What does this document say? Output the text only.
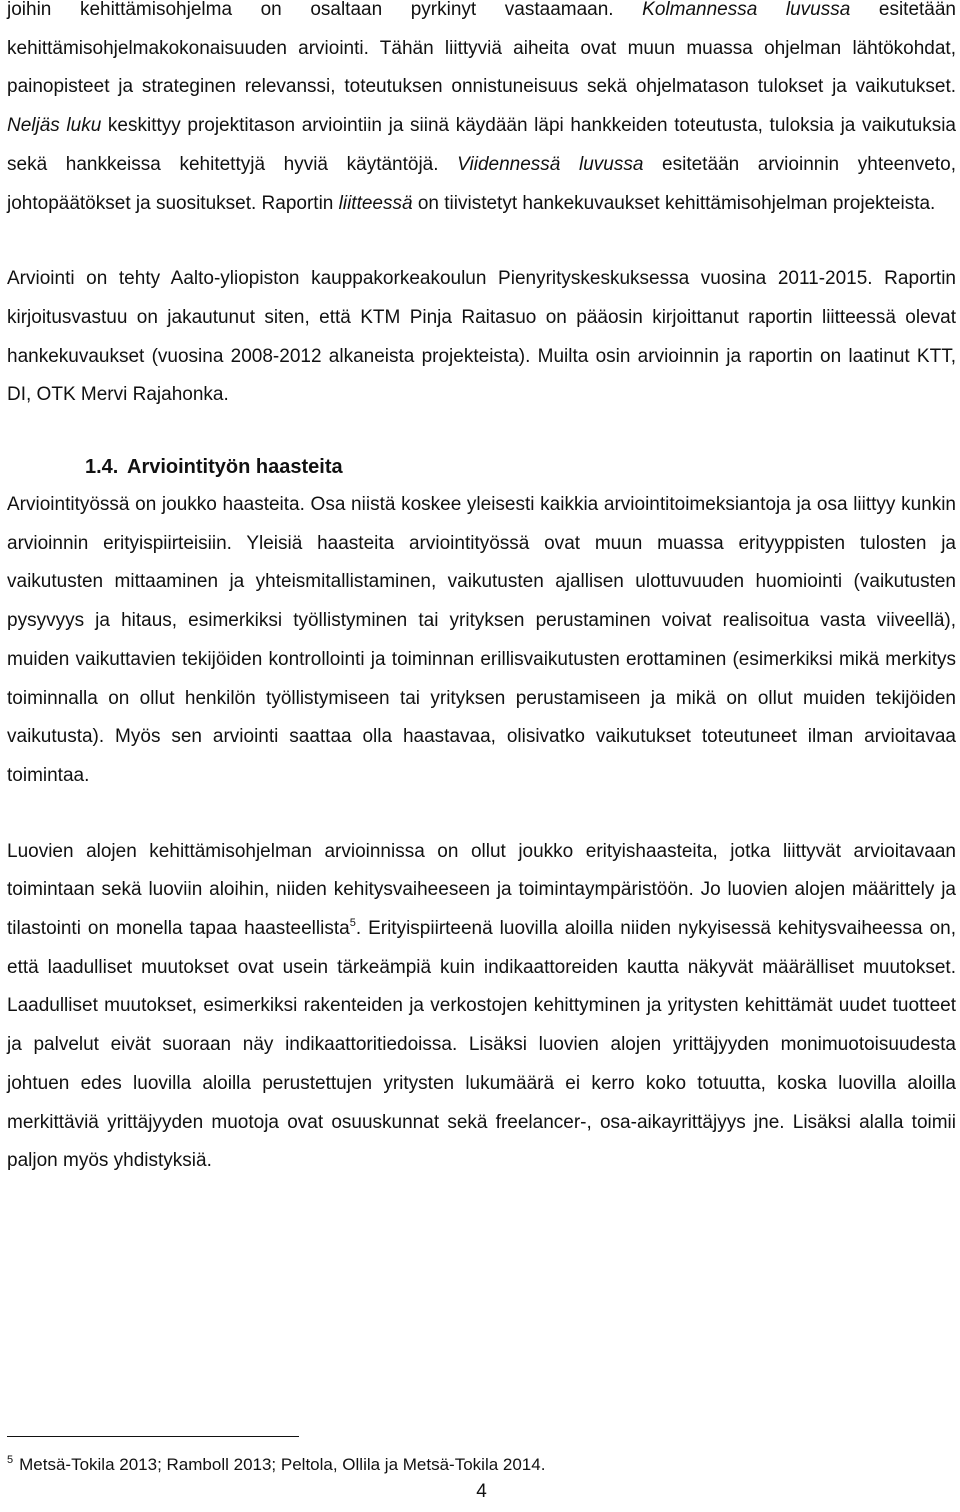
joihin kehittämisohjelma on osaltaan pyrkinyt vastaamaan. Kolmannessa luvussa esitetään kehittämisohjelmakokonaisuuden arviointi. Tähän liittyviä aiheita ovat muun muassa ohjelman lähtökohdat, painopisteet ja strateginen relevanssi, toteutuksen onnistuneisuus sekä ohjelmatason tulokset ja vaikutukset. Neljäs luku keskittyy projektitason arviointiin ja siinä käydään läpi hankkeiden toteutusta, tuloksia ja vaikutuksia sekä hankkeissa kehitettyjä hyviä käytäntöjä. Viidennessä luvussa esitetään arvioinnin yhteenveto, johtopäätökset ja suositukset. Raportin liitteessä on tiivistetyt hankekuvaukset kehittämisohjelman projekteista.

Arviointi on tehty Aalto-yliopiston kauppakorkeakoulun Pienyrityskeskuksessa vuosina 2011-2015. Raportin kirjoitusvastuu on jakautunut siten, että KTM Pinja Raitasuo on pääosin kirjoittanut raportin liitteessä olevat hankekuvaukset (vuosina 2008-2012 alkaneista projekteista). Muilta osin arvioinnin ja raportin on laatinut KTT, DI, OTK Mervi Rajahonka.

1.4. Arviointityön haasteita

Arviointityössä on joukko haasteita. Osa niistä koskee yleisesti kaikkia arviointitoimeksiantoja ja osa liittyy kunkin arvioinnin erityispiirteisiin. Yleisiä haasteita arviointityössä ovat muun muassa erityyppisten tulosten ja vaikutusten mittaaminen ja yhteismitallistaminen, vaikutusten ajallisen ulottuvuuden huomiointi (vaikutusten pysyvyys ja hitaus, esimerkiksi työllistyminen tai yrityksen perustaminen voivat realisoitua vasta viiveellä), muiden vaikuttavien tekijöiden kontrollointi ja toiminnan erillisvaikutusten erottaminen (esimerkiksi mikä merkitys toiminnalla on ollut henkilön työllistymiseen tai yrityksen perustamiseen ja mikä on ollut muiden tekijöiden vaikutusta). Myös sen arviointi saattaa olla haastavaa, olisivatko vaikutukset toteutuneet ilman arvioitavaa toimintaa.

Luovien alojen kehittämisohjelman arvioinnissa on ollut joukko erityishaasteita, jotka liittyvät arvioitavaan toimintaan sekä luoviin aloihin, niiden kehitysvaiheeseen ja toimintaympäristöön. Jo luovien alojen määrittely ja tilastointi on monella tapaa haasteellista$^5$. Erityispiirteenä luovilla aloilla niiden nykyisessä kehitysvaiheessa on, että laadulliset muutokset ovat usein tärkeämpiä kuin indikaattoreiden kautta näkyvät määrälliset muutokset. Laadulliset muutokset, esimerkiksi rakenteiden ja verkostojen kehittyminen ja yritysten kehittämät uudet tuotteet ja palvelut eivät suoraan näy indikaattoritiedoissa. Lisäksi luovien alojen yrittäjyyden monimuotoisuudesta johtuen edes luovilla aloilla perustettujen yritysten lukumäärä ei kerro koko totuutta, koska luovilla aloilla merkittäviä yrittäjyyden muotoja ovat osuuskunnat sekä freelancer-, osa-aikayrittäjyys jne. Lisäksi alalla toimii paljon myös yhdistyksiä.

$^5$ Metsä-Tokila 2013; Ramboll 2013; Peltola, Ollila ja Metsä-Tokila 2014.
4
